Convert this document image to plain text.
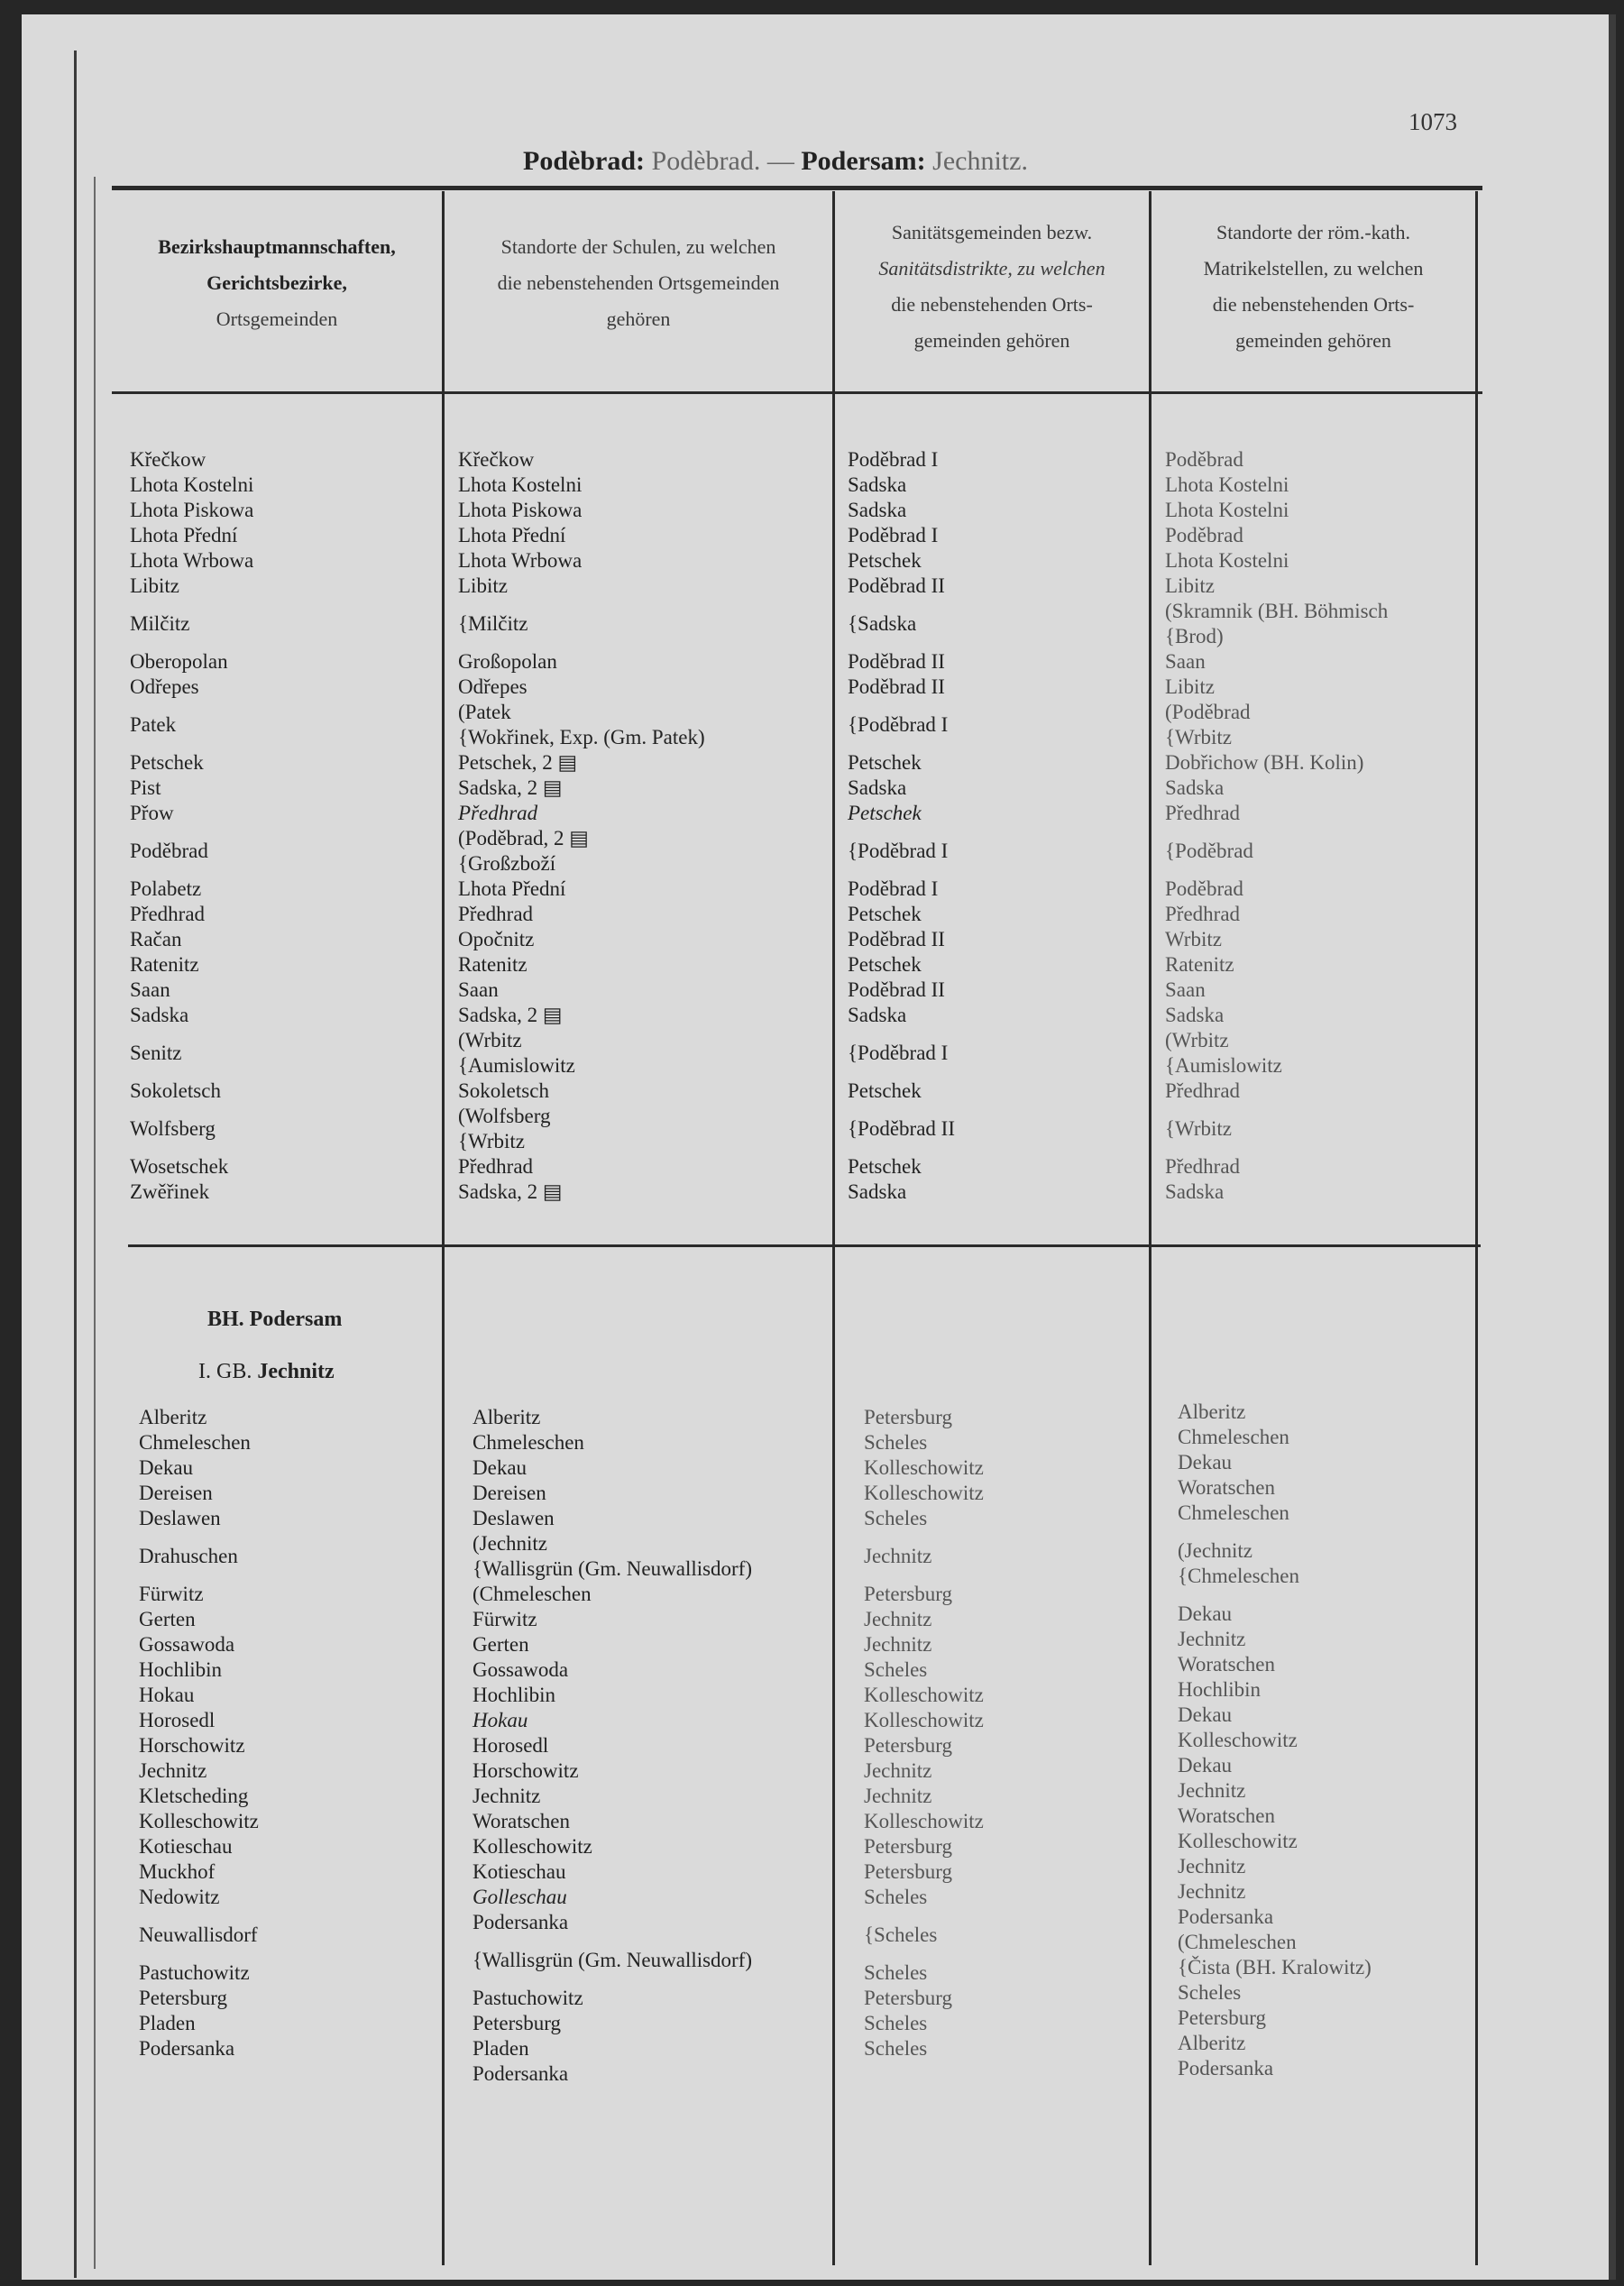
1073
Podèbrad: Podèbrad. — Podersam: Jechnitz.
Bezirkshauptmannschaften,
Gerichtsbezirke,
Ortsgemeinden
Standorte der Schulen, zu welchen
die nebenstehenden Ortsgemeinden
gehören
Sanitätsgemeinden bezw.
Sanitätsdistrikte, zu welchen
die nebenstehenden Orts-
gemeinden gehören
Standorte der röm.-kath.
Matrikelstellen, zu welchen
die nebenstehenden Orts-
gemeinden gehören
Křečkow
Lhota Kostelni
Lhota Piskowa
Lhota Přední
Lhota Wrbowa
Libitz
Milčitz
Oberopolan
Odřepes
Patek
Petschek
Pist
Přow
Poděbrad
Polabetz
Předhrad
Račan
Ratenitz
Saan
Sadska
Senitz
Sokoletsch
Wolfsberg
Wosetschek
Zwěřinek
Křečkow
Lhota Kostelni
Lhota Piskowa
Lhota Přední
Lhota Wrbowa
Libitz
{Milčitz
Großopolan
Odřepes
(Patek
{Wokřinek, Exp. (Gm. Patek)
Petschek, 2 ▤
Sadska, 2 ▤
Předhrad
(Poděbrad, 2 ▤
{Großzboží
Lhota Přední
Předhrad
Opočnitz
Ratenitz
Saan
Sadska, 2 ▤
(Wrbitz
{Aumislowitz
Sokoletsch
(Wolfsberg
{Wrbitz
Předhrad
Sadska, 2 ▤
Poděbrad I
Sadska
Sadska
Poděbrad I
Petschek
Poděbrad II
{Sadska
Poděbrad II
Poděbrad II
{Poděbrad I
Petschek
Sadska
Petschek
{Poděbrad I
Poděbrad I
Petschek
Poděbrad II
Petschek
Poděbrad II
Sadska
{Poděbrad I
Petschek
{Poděbrad II
Petschek
Sadska
Poděbrad
Lhota Kostelni
Lhota Kostelni
Poděbrad
Lhota Kostelni
Libitz
(Skramnik (BH. Böhmisch
{Brod)
Saan
Libitz
(Poděbrad
{Wrbitz
Dobřichow (BH. Kolin)
Sadska
Předhrad
{Poděbrad
Poděbrad
Předhrad
Wrbitz
Ratenitz
Saan
Sadska
(Wrbitz
{Aumislowitz
Předhrad
{Wrbitz
Předhrad
Sadska
BH. Podersam
I. GB. Jechnitz
Alberitz
Chmeleschen
Dekau
Dereisen
Deslawen
Drahuschen
Fürwitz
Gerten
Gossawoda
Hochlibin
Hokau
Horosedl
Horschowitz
Jechnitz
Kletscheding
Kolleschowitz
Kotieschau
Muckhof
Nedowitz
Neuwallisdorf
Pastuchowitz
Petersburg
Pladen
Podersanka
Alberitz
Chmeleschen
Dekau
Dereisen
Deslawen
(Jechnitz
{Wallisgrün (Gm. Neuwallisdorf)
(Chmeleschen
Fürwitz
Gerten
Gossawoda
Hochlibin
Hokau
Horosedl
Horschowitz
Jechnitz
Woratschen
Kolleschowitz
Kotieschau
Golleschau
Podersanka
{Wallisgrün (Gm. Neuwallisdorf)
Pastuchowitz
Petersburg
Pladen
Podersanka
Petersburg
Scheles
Kolleschowitz
Kolleschowitz
Scheles
Jechnitz
Petersburg
Jechnitz
Jechnitz
Scheles
Kolleschowitz
Kolleschowitz
Petersburg
Jechnitz
Jechnitz
Kolleschowitz
Petersburg
Petersburg
Scheles
{Scheles
Scheles
Petersburg
Scheles
Scheles
Alberitz
Chmeleschen
Dekau
Woratschen
Chmeleschen
(Jechnitz
{Chmeleschen
Dekau
Jechnitz
Woratschen
Hochlibin
Dekau
Kolleschowitz
Dekau
Jechnitz
Woratschen
Kolleschowitz
Jechnitz
Jechnitz
Podersanka
(Chmeleschen
{Čista (BH. Kralowitz)
Scheles
Petersburg
Alberitz
Podersanka
